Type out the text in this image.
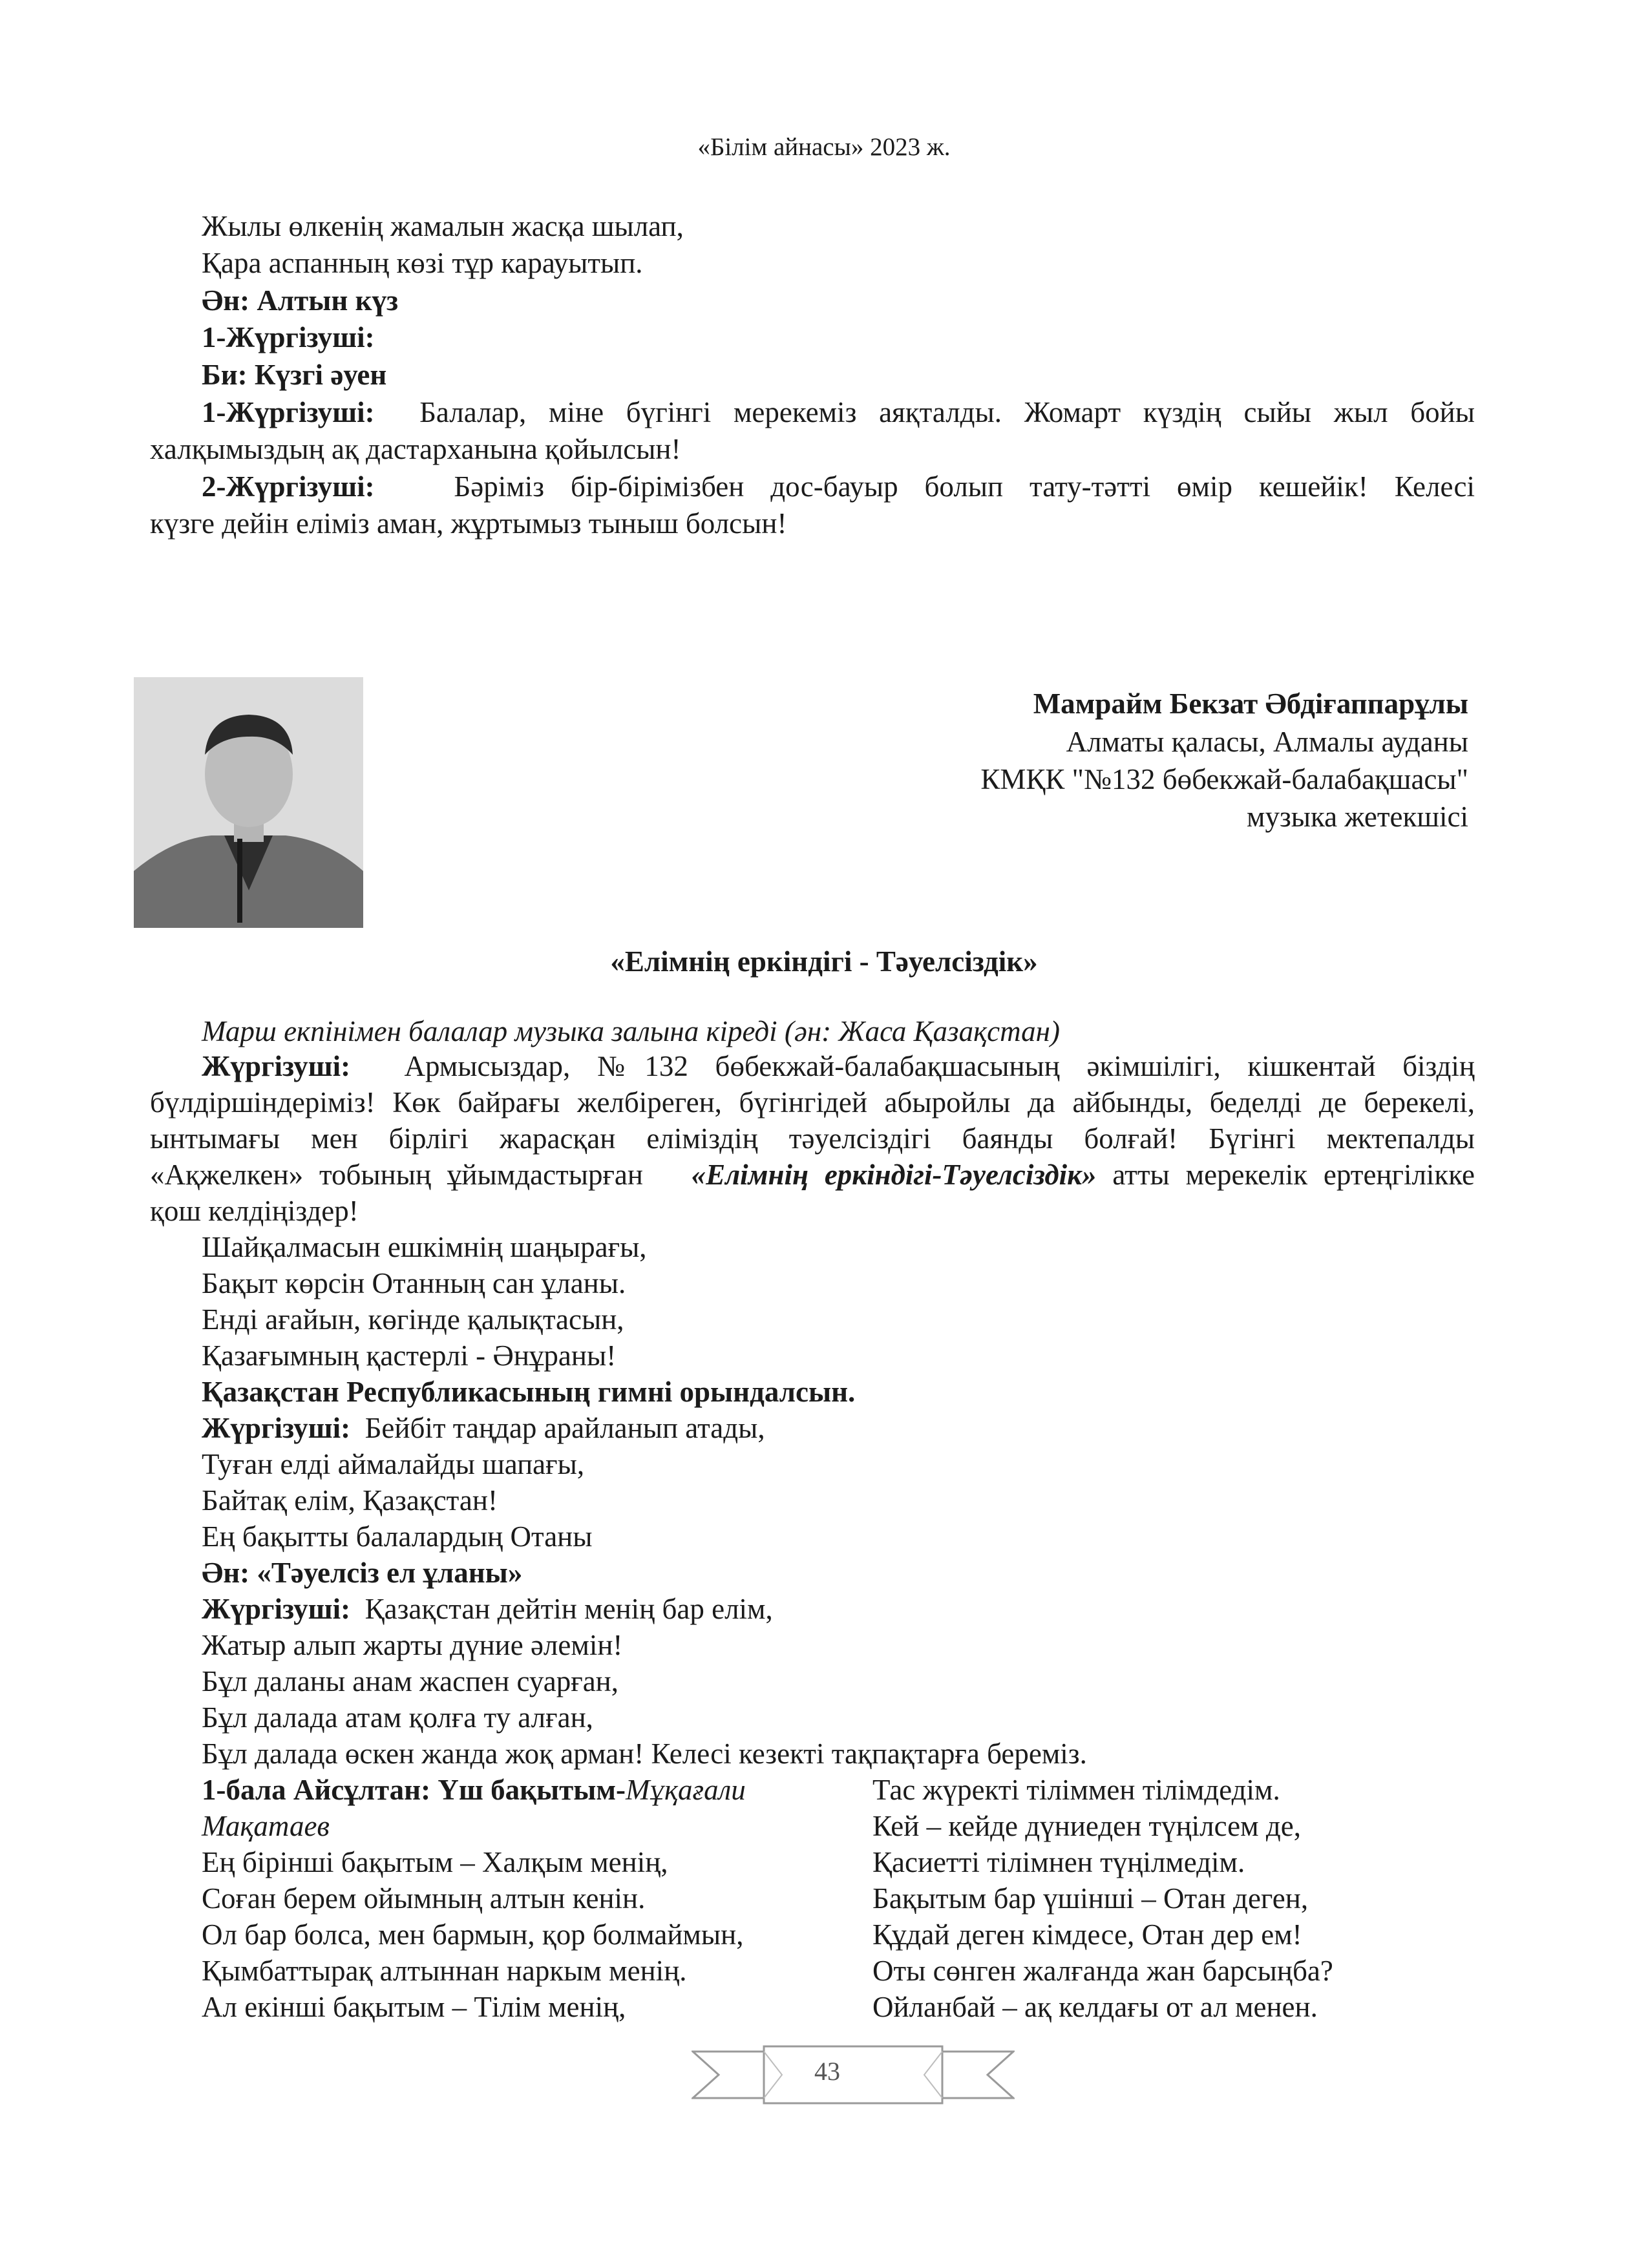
«Білім айнасы» 2023 ж.
Жылы өлкенің жамалын жасқа шылап,
Қара аспанның көзі тұр карауытып.
Ән: Алтын күз
1-Жүргізуші:
Би: Күзгі әуен
1-Жүргізуші: Балалар, міне бүгінгі мерекеміз аяқталды. Жомарт күздің сыйы жыл бойы
халқымыздың ақ дастарханына қойылсын!
2-Жүргізуші:	Бәріміз бір-бірімізбен дос-бауыр болып тату-тәтті өмір кешейік! Келесі
күзге дейін еліміз аман, жұртымыз тыныш болсын!
Мамрайм Бекзат Әбдіғаппарұлы
Алматы қаласы, Алмалы ауданы
КМҚК "№132 бөбекжай-балабақшасы"
музыка жетекшісі
«Елімнің еркіндігі - Тәуелсіздік»
Марш екпінімен балалар музыка залына кіреді (ән: Жаса Қазақстан)
Жүргізуші: Армысыздар, №132 бөбекжай-балабақшасының әкімшілігі, кішкентай біздің
бүлдіршіндеріміз! Көк байрағы желбіреген, бүгінгідей абыройлы да айбынды, беделді де берекелі,
ынтымағы мен бірлігі жарасқан еліміздің тәуелсіздігі баянды болғай! Бүгінгі мектепалды
«Ақжелкен» тобының ұйымдастырған «Елімнің еркіндігі-Тәуелсіздік» атты мерекелік ертеңгілікке
қош келдіңіздер!
Шайқалмасын ешкімнің шаңырағы,
Бақыт көрсін Отанның сан ұланы.
Енді ағайын, көгінде қалықтасын,
Қазағымның қастерлі - Әнұраны!
Қазақстан Республикасының гимні орындалсын.
Жүргізуші: Бейбіт таңдар арайланып атады,
Туған елді аймалайды шапағы,
Байтақ елім, Қазақстан!
Ең бақытты балалардың Отаны
Ән: «Тәуелсіз ел ұланы»
Жүргізуші: Қазақстан дейтін менің бар елім,
Жатыр алып жарты дүние әлемін!
Бұл даланы анам жаспен суарған,
Бұл далада атам қолға ту алған,
Бұл далада өскен жанда жоқ арман! Келесі кезекті тақпақтарға береміз.
1-бала Айсұлтан: Үш бақытым-Мұқағали
Мақатаев
Ең бірінші бақытым – Халқым менің,
Соған берем ойымның алтын кенін.
Ол бар болса, мен бармын, қор болмаймын,
Қымбаттырақ алтыннан наркым менің.
Ал екінші бақытым – Тілім менің,
Тас жүректі тіліммен тілімдедім.
Кей – кейде дүниеден түңілсем де,
Қасиетті тілімнен түңілмедім.
Бақытым бар үшінші – Отан деген,
Құдай деген кімдесе, Отан дер ем!
Оты сөнген жалғанда жан барсыңба?
Ойланбай – ақ келдағы от ал менен.
43
